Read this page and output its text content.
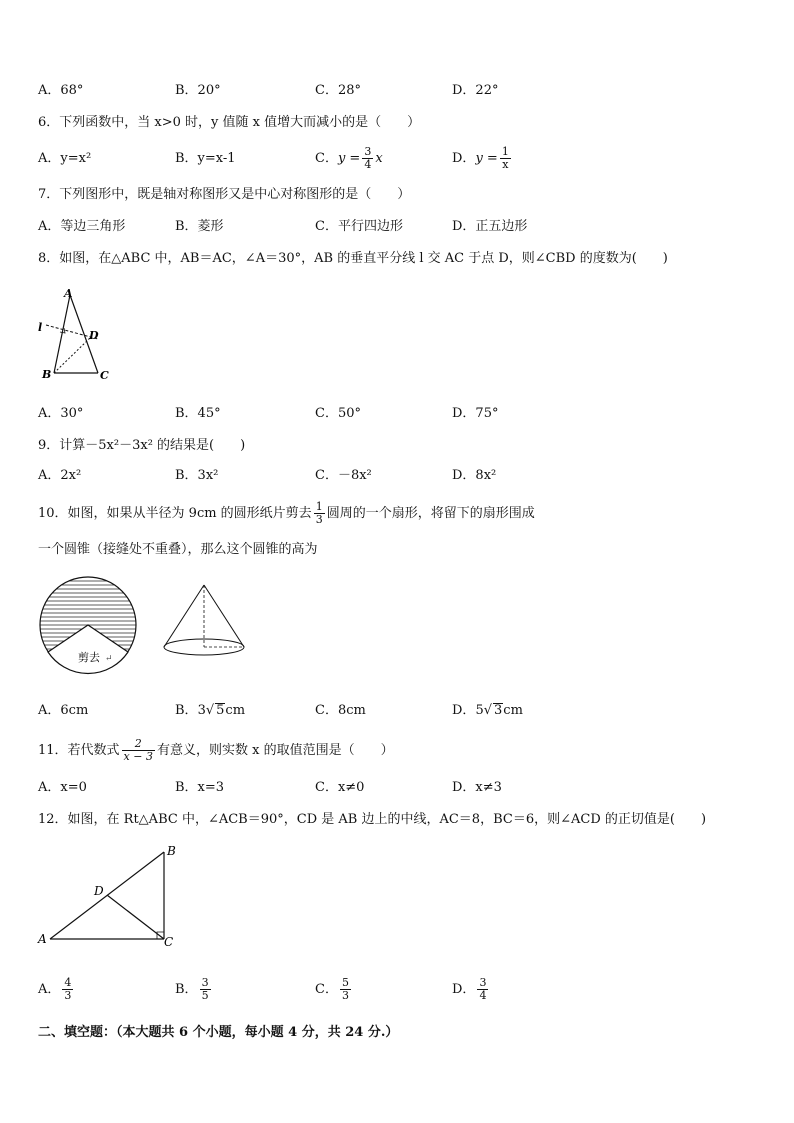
A．68°	B．20°	C．28°	D．22°
6．下列函数中，当 x>0 时，y 值随 x 值增大而减小的是（　　）
A．y=x²	B．y=x-1	C．$y = \frac{3}{4}$ x	D．$y = \frac{1}{x}$
7．下列图形中，既是轴对称图形又是中心对称图形的是（　　）
A．等边三角形	B．菱形	C．平行四边形	D．正五边形
8．如图，在△ABC 中，AB＝AC，∠A＝30°，AB 的垂直平分线 l 交 AC 于点 D，则∠CBD 的度数为(　　)
A
l
D
B	C
A．30°	B．45°	C．50°	D．75°
9．计算－5x²－3x² 的结果是(　　)
A．2x²	B．3x²	C．－8x²	D．8x²
10．如图，如果从半径为 9cm 的圆形纸片剪去 $\frac{1}{3}$ 圆周的一个扇形，将留下的扇形围成
一个圆锥（接缝处不重叠），那么这个圆锥的高为
剪去 ↵
A．6cm	B．3√ 5cm	C．8cm	D．5√ 3cm
11．若代数式 $\frac{2}{x - 3}$ 有意义，则实数 x 的取值范围是（　　）
A．x=0	B．x=3	C．x≠0	D．x≠3
12．如图，在 Rt△ABC 中，∠ACB＝90°，CD 是 AB 边上的中线，AC＝8，BC＝6，则∠ACD 的正切值是(　　)
B
D
A	C
A． $\frac{4}{3}$	B． $\frac{3}{5}$	C． $\frac{5}{3}$	D． $\frac{3}{4}$
二、填空题：（本大题共 6 个小题，每小题 4 分，共 24 分.）
